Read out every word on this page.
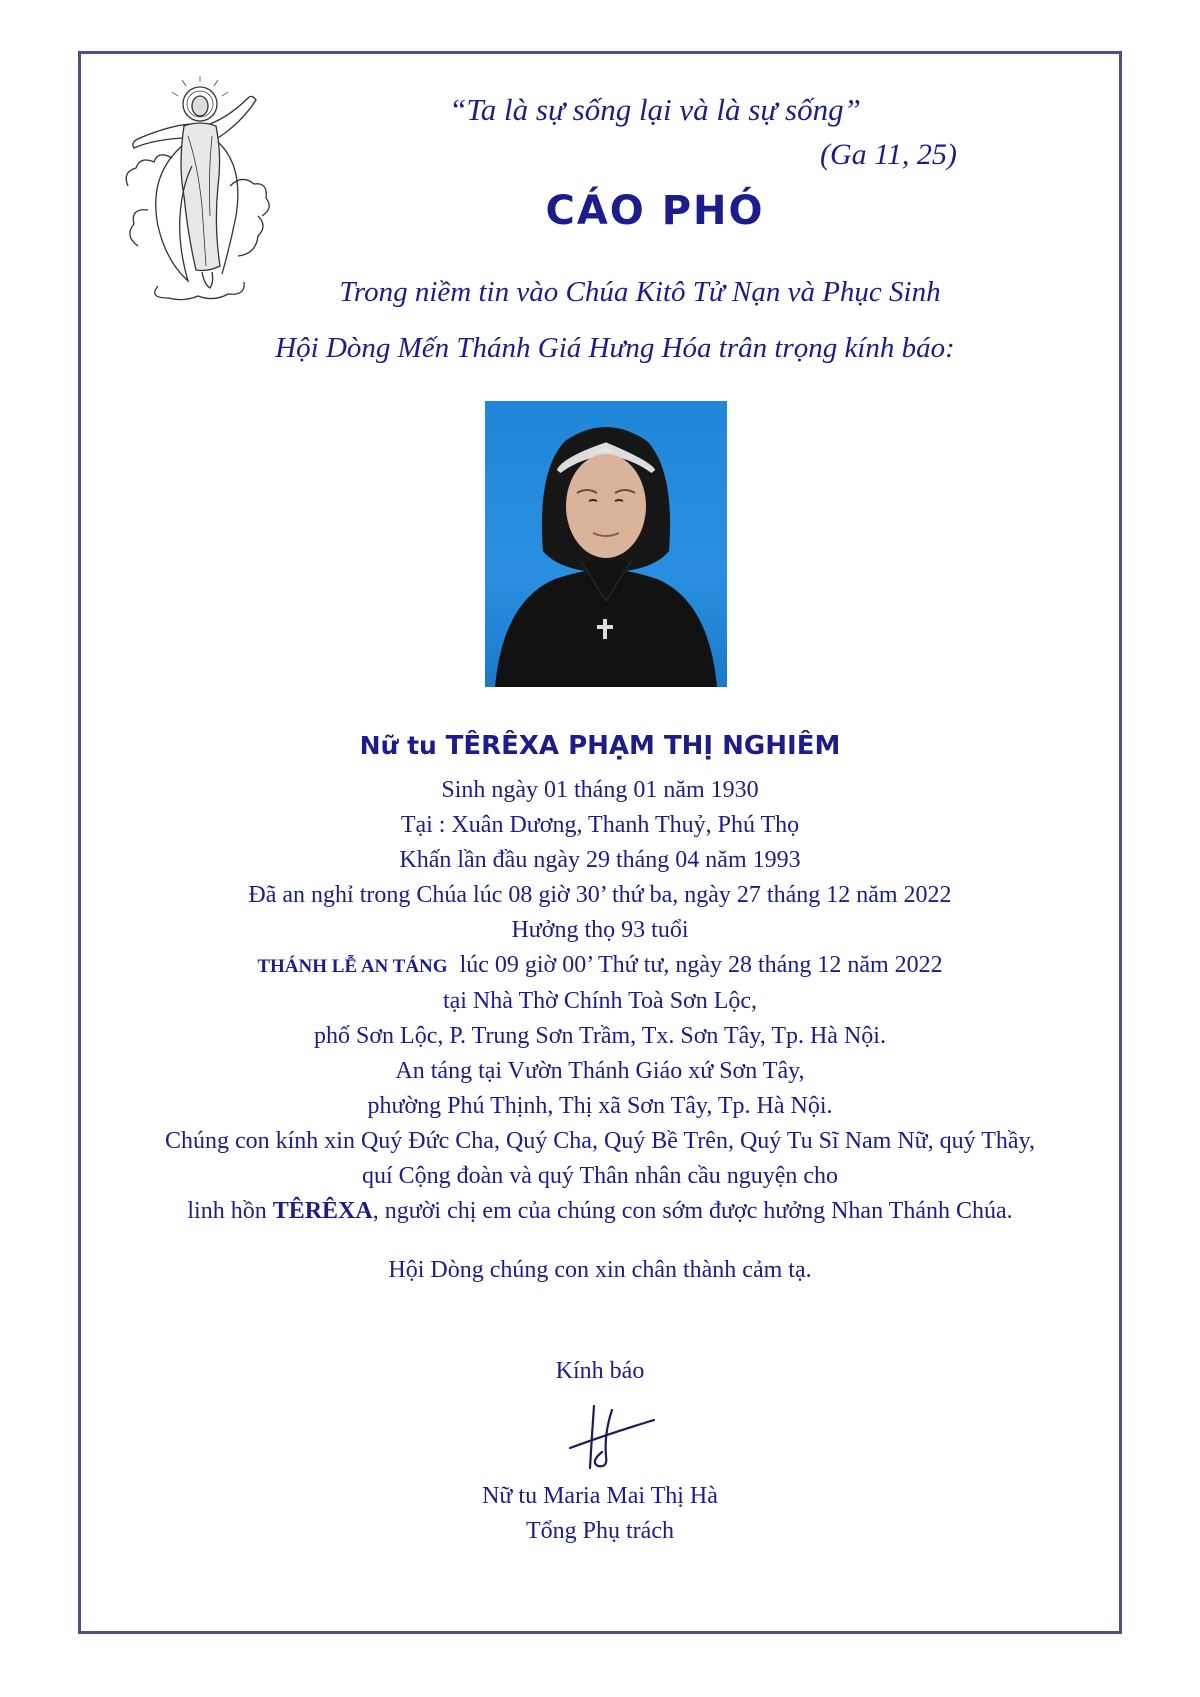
“Ta là sự sống lại và là sự sống”
(Ga 11, 25)
CÁO PHÓ
Trong niềm tin vào Chúa Kitô Tử Nạn và Phục Sinh
Hội Dòng Mến Thánh Giá Hưng Hóa trân trọng kính báo:
Nữ tu TÊRÊXA PHẠM THỊ NGHIÊM
Sinh ngày 01 tháng 01 năm 1930
Tại : Xuân Dương, Thanh Thuỷ, Phú Thọ
Khấn lần đầu ngày 29 tháng 04 năm 1993
Đã an nghỉ trong Chúa lúc 08 giờ 30’ thứ ba, ngày 27 tháng 12 năm 2022
Hưởng thọ 93 tuổi
THÁNH LỄ AN TÁNG lúc 09 giờ 00’ Thứ tư, ngày 28 tháng 12 năm 2022
tại Nhà Thờ Chính Toà Sơn Lộc,
phố Sơn Lộc, P. Trung Sơn Trầm, Tx. Sơn Tây, Tp. Hà Nội.
An táng tại Vườn Thánh Giáo xứ Sơn Tây,
phường Phú Thịnh, Thị xã Sơn Tây, Tp. Hà Nội.
Chúng con kính xin Quý Đức Cha, Quý Cha, Quý Bề Trên, Quý Tu Sĩ Nam Nữ, quý Thầy,
quí Cộng đoàn và quý Thân nhân cầu nguyện cho
linh hồn TÊRÊXA, người chị em của chúng con sớm được hưởng Nhan Thánh Chúa.
Hội Dòng chúng con xin chân thành cảm tạ.
Kính báo
Nữ tu Maria Mai Thị Hà
Tổng Phụ trách
